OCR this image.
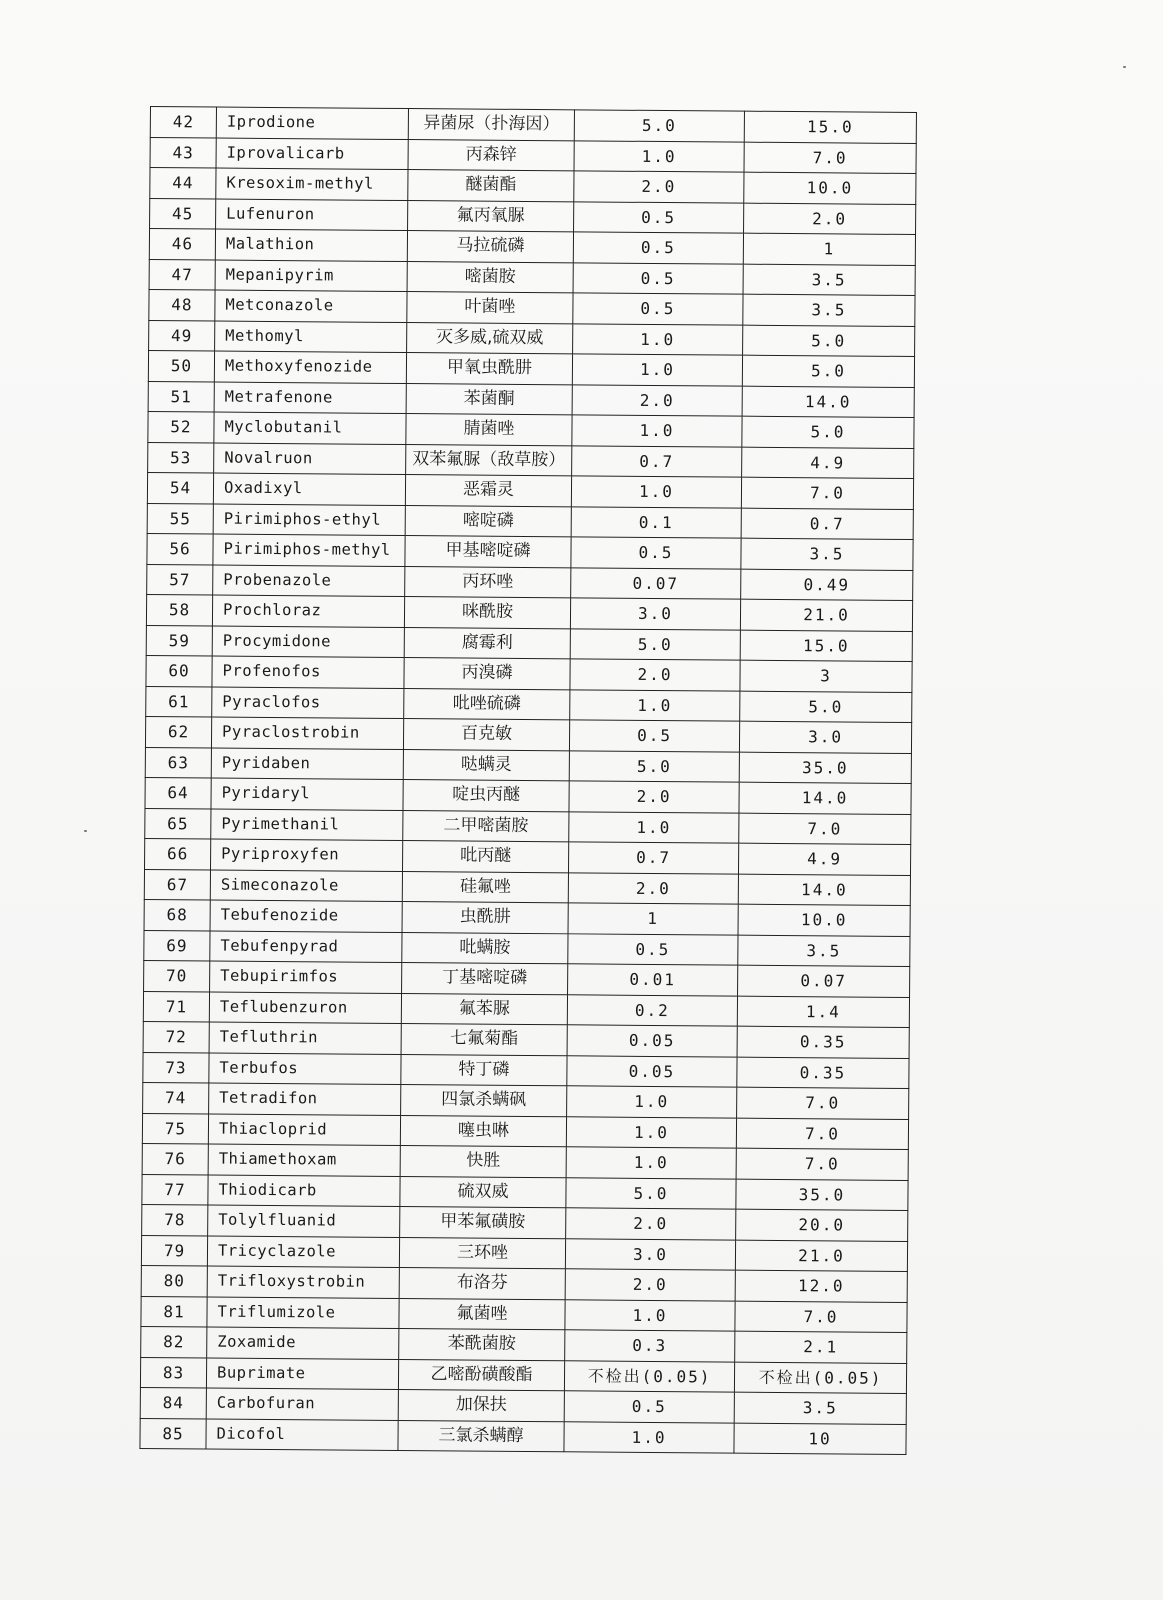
42	Iprodione	异菌尿（扑海因）	5.0	15.0
43	Iprovalicarb	丙森锌	1.0	7.0
44	Kresoxim-methyl	醚菌酯	2.0	10.0
45	Lufenuron	氟丙氧脲	0.5	2.0
46	Malathion	马拉硫磷	0.5	1
47	Mepanipyrim	嘧菌胺	0.5	3.5
48	Metconazole	叶菌唑	0.5	3.5
49	Methomyl	灭多威,硫双威	1.0	5.0
50	Methoxyfenozide	甲氧虫酰肼	1.0	5.0
51	Metrafenone	苯菌酮	2.0	14.0
52	Myclobutanil	腈菌唑	1.0	5.0
53	Novalruon	双苯氟脲（敌草胺）	0.7	4.9
54	Oxadixyl	恶霜灵	1.0	7.0
55	Pirimiphos-ethyl	嘧啶磷	0.1	0.7
56	Pirimiphos-methyl	甲基嘧啶磷	0.5	3.5
57	Probenazole	丙环唑	0.07	0.49
58	Prochloraz	咪酰胺	3.0	21.0
59	Procymidone	腐霉利	5.0	15.0
60	Profenofos	丙溴磷	2.0	3
61	Pyraclofos	吡唑硫磷	1.0	5.0
62	Pyraclostrobin	百克敏	0.5	3.0
63	Pyridaben	哒螨灵	5.0	35.0
64	Pyridaryl	啶虫丙醚	2.0	14.0
65	Pyrimethanil	二甲嘧菌胺	1.0	7.0
66	Pyriproxyfen	吡丙醚	0.7	4.9
67	Simeconazole	硅氟唑	2.0	14.0
68	Tebufenozide	虫酰肼	1	10.0
69	Tebufenpyrad	吡螨胺	0.5	3.5
70	Tebupirimfos	丁基嘧啶磷	0.01	0.07
71	Teflubenzuron	氟苯脲	0.2	1.4
72	Tefluthrin	七氟菊酯	0.05	0.35
73	Terbufos	特丁磷	0.05	0.35
74	Tetradifon	四氯杀螨砜	1.0	7.0
75	Thiacloprid	噻虫啉	1.0	7.0
76	Thiamethoxam	快胜	1.0	7.0
77	Thiodicarb	硫双威	5.0	35.0
78	Tolylfluanid	甲苯氟磺胺	2.0	20.0
79	Tricyclazole	三环唑	3.0	21.0
80	Trifloxystrobin	布洛芬	2.0	12.0
81	Triflumizole	氟菌唑	1.0	7.0
82	Zoxamide	苯酰菌胺	0.3	2.1
83	Buprimate	乙嘧酚磺酸酯	不检出(0.05)	不检出(0.05)
84	Carbofuran	加保扶	0.5	3.5
85	Dicofol	三氯杀螨醇	1.0	10
